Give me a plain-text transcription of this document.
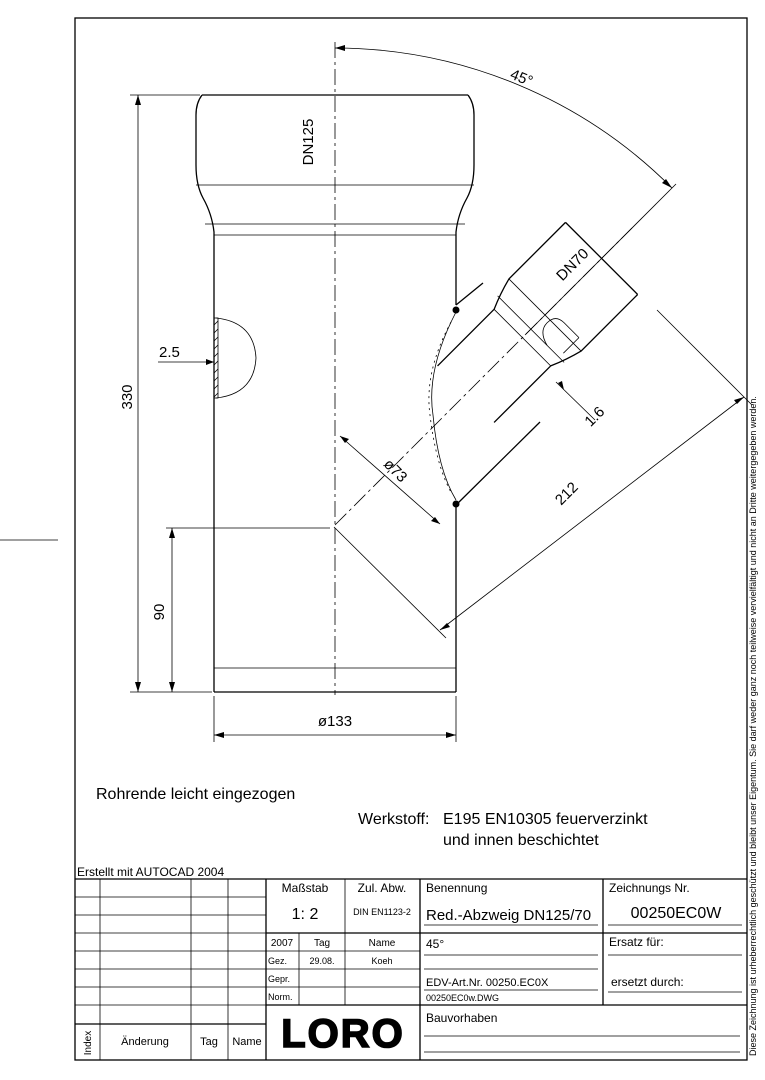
2.5
45°
330
90
ø133
ø73
212
1.6
DN125
DN70
Rohrende leicht eingezogen
Werkstoff: E195 EN10305 feuerverzinkt
und innen beschichtet	Diese Zeichnung ist urheberrechtlich geschützt und bleibt unser Eigentum. Sie darf weder ganz noch teilweise vervielfältigt und nicht an Dritte weitergegeben werden.
Erstellt mit AUTOCAD 2004
Index Änderung	Tag Name
Maßstab
1: 2
Zul. Abw.
DIN EN1123-2
2007 Tag	Name
Gez. 29.08.	Koeh
Gepr.
Norm.
LORO
Benennung
Red.-Abzweig DN125/70
Zeichnungs Nr.
00250EC0W
45°
EDV-Art.Nr. 00250.EC0X
00250EC0w.DWG
Ersatz für:
ersetzt durch:
Bauvorhaben
